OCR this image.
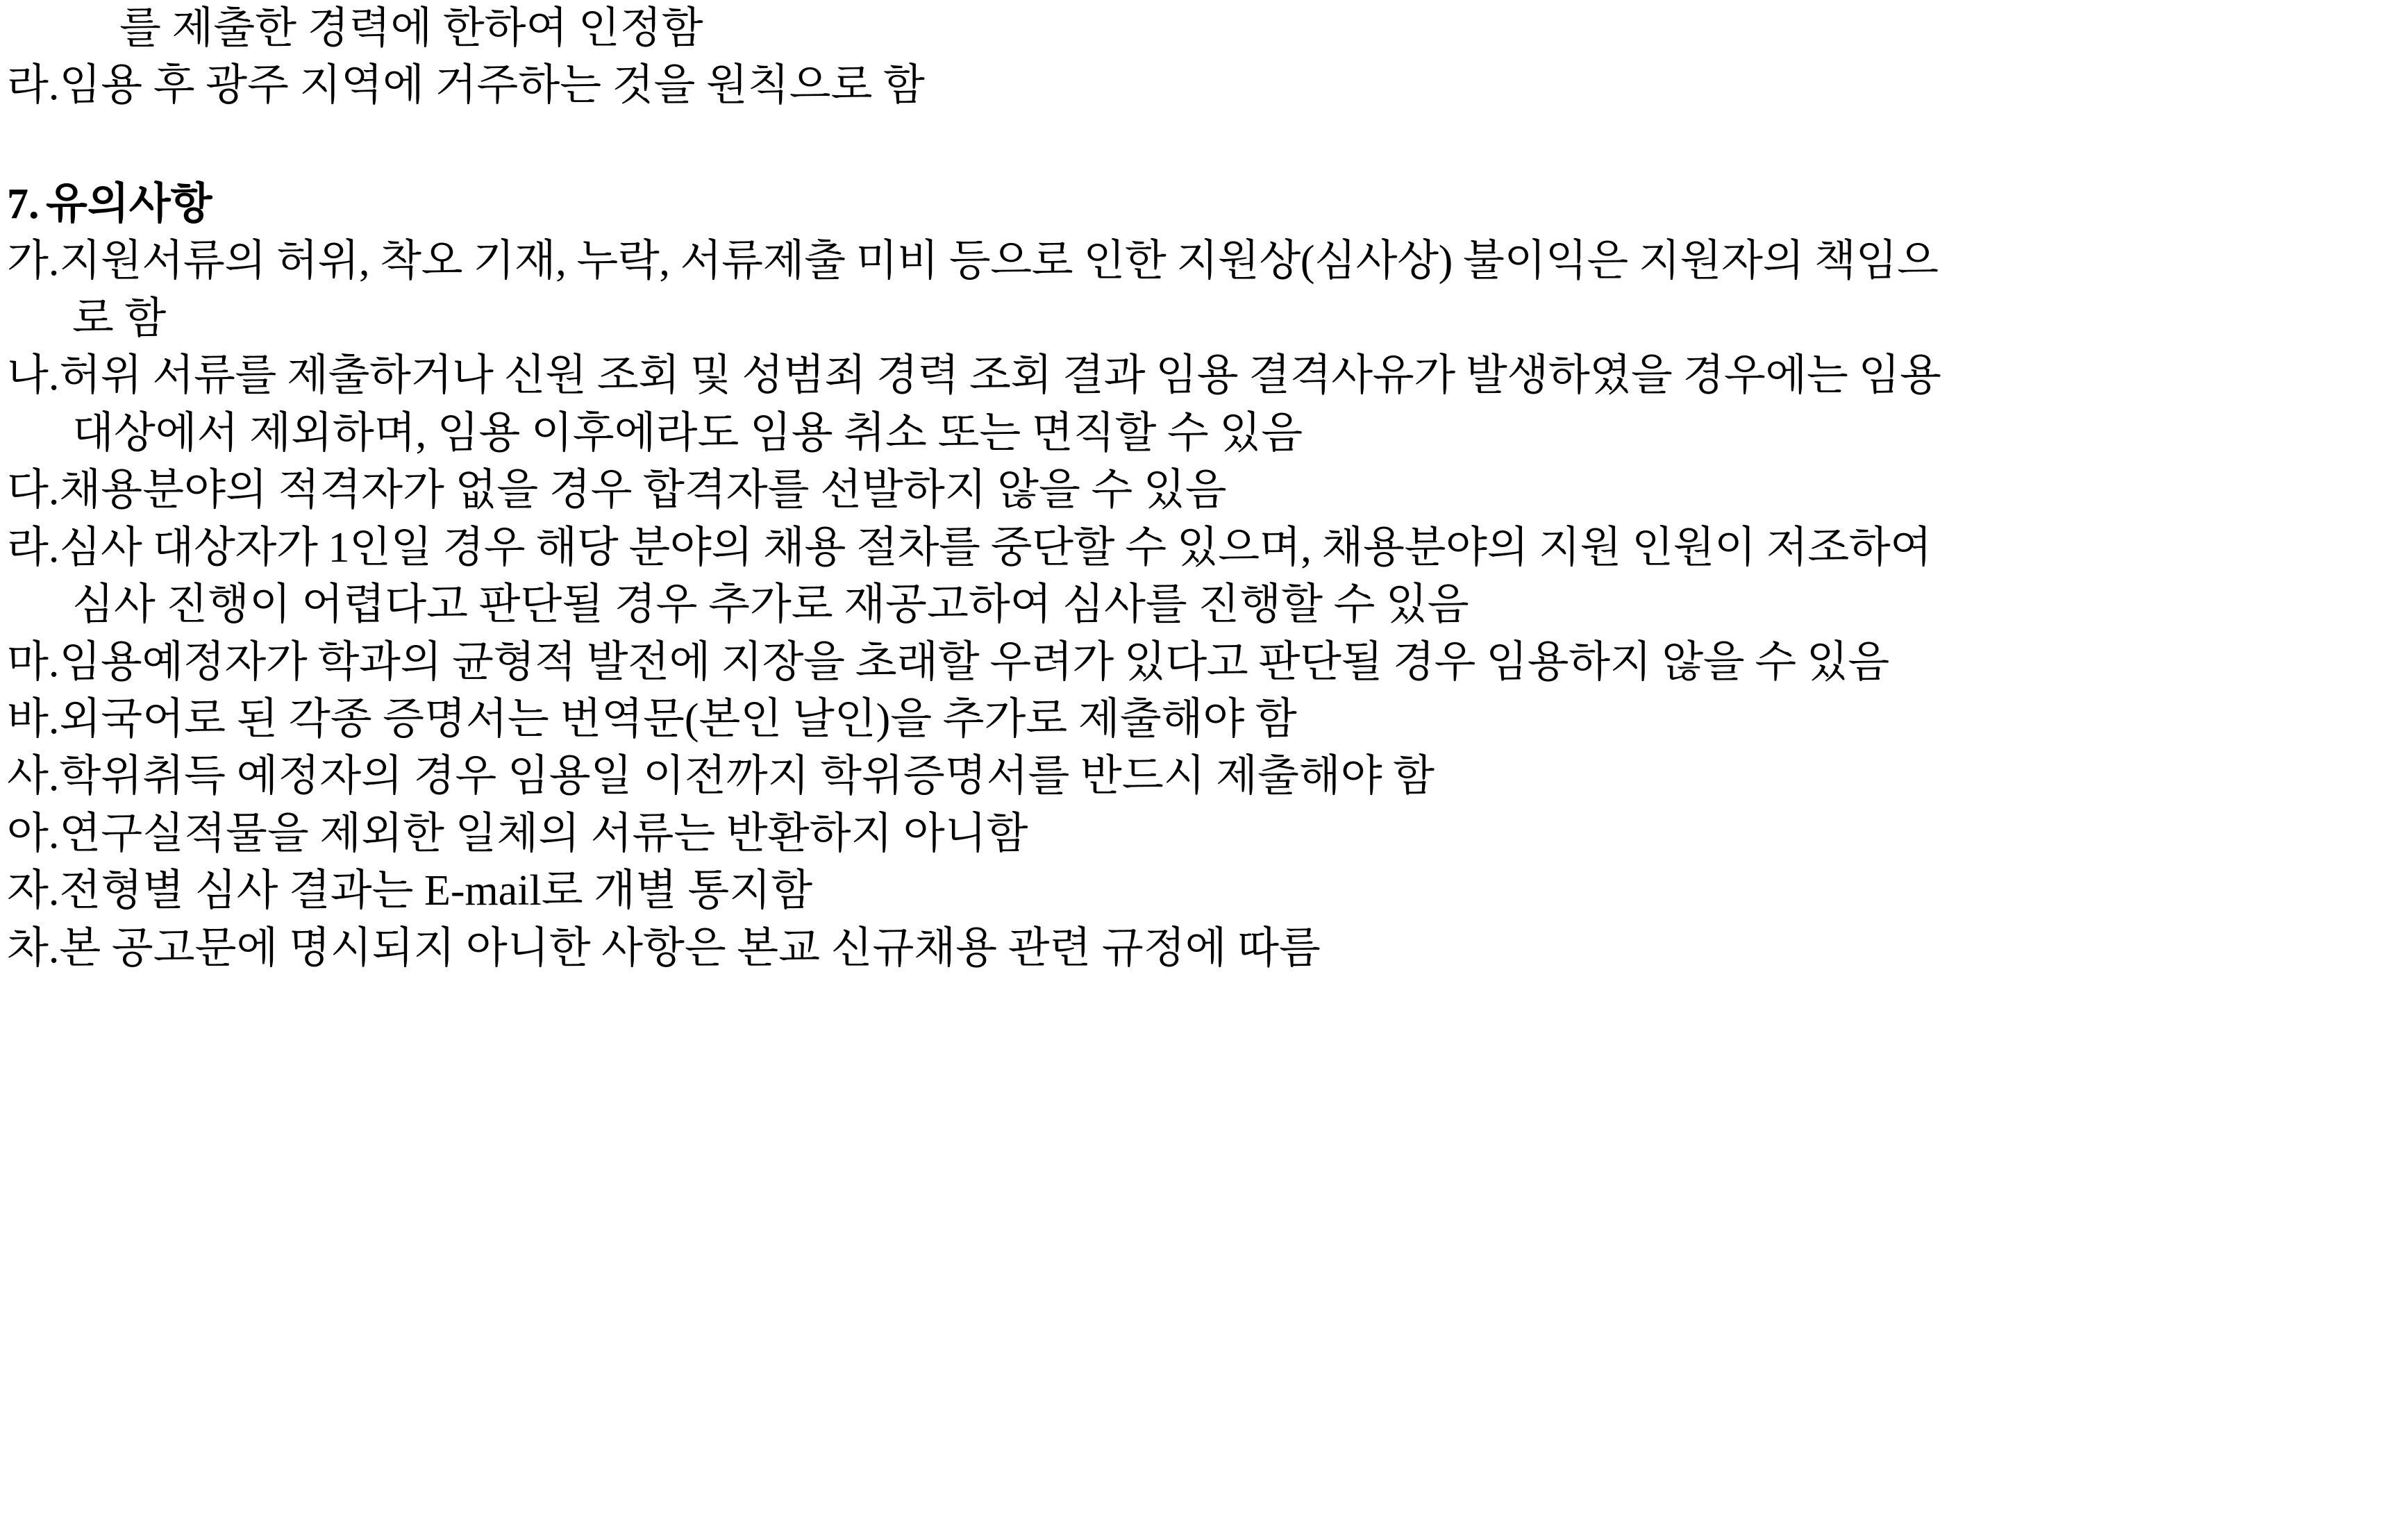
를 제출한 경력에 한하여 인정함
라. 임용 후 광주 지역에 거주하는 것을 원칙으로 함
7. 유의사항
가. 지원서류의 허위, 착오 기재, 누락, 서류제출 미비 등으로 인한 지원상(심사상) 불이익은 지원자의 책임으
로 함
나. 허위 서류를 제출하거나 신원 조회 및 성범죄 경력 조회 결과 임용 결격사유가 발생하였을 경우에는 임용
대상에서 제외하며, 임용 이후에라도 임용 취소 또는 면직할 수 있음
다. 채용분야의 적격자가 없을 경우 합격자를 선발하지 않을 수 있음
라. 심사 대상자가 1인일 경우 해당 분야의 채용 절차를 중단할 수 있으며, 채용분야의 지원 인원이 저조하여
심사 진행이 어렵다고 판단될 경우 추가로 재공고하여 심사를 진행할 수 있음
마. 임용예정자가 학과의 균형적 발전에 지장을 초래할 우려가 있다고 판단될 경우 임용하지 않을 수 있음
바. 외국어로 된 각종 증명서는 번역문(본인 날인)을 추가로 제출해야 함
사. 학위취득 예정자의 경우 임용일 이전까지 학위증명서를 반드시 제출해야 함
아. 연구실적물을 제외한 일체의 서류는 반환하지 아니함
자. 전형별 심사 결과는 E-mail로 개별 통지함
차. 본 공고문에 명시되지 아니한 사항은 본교 신규채용 관련 규정에 따름
